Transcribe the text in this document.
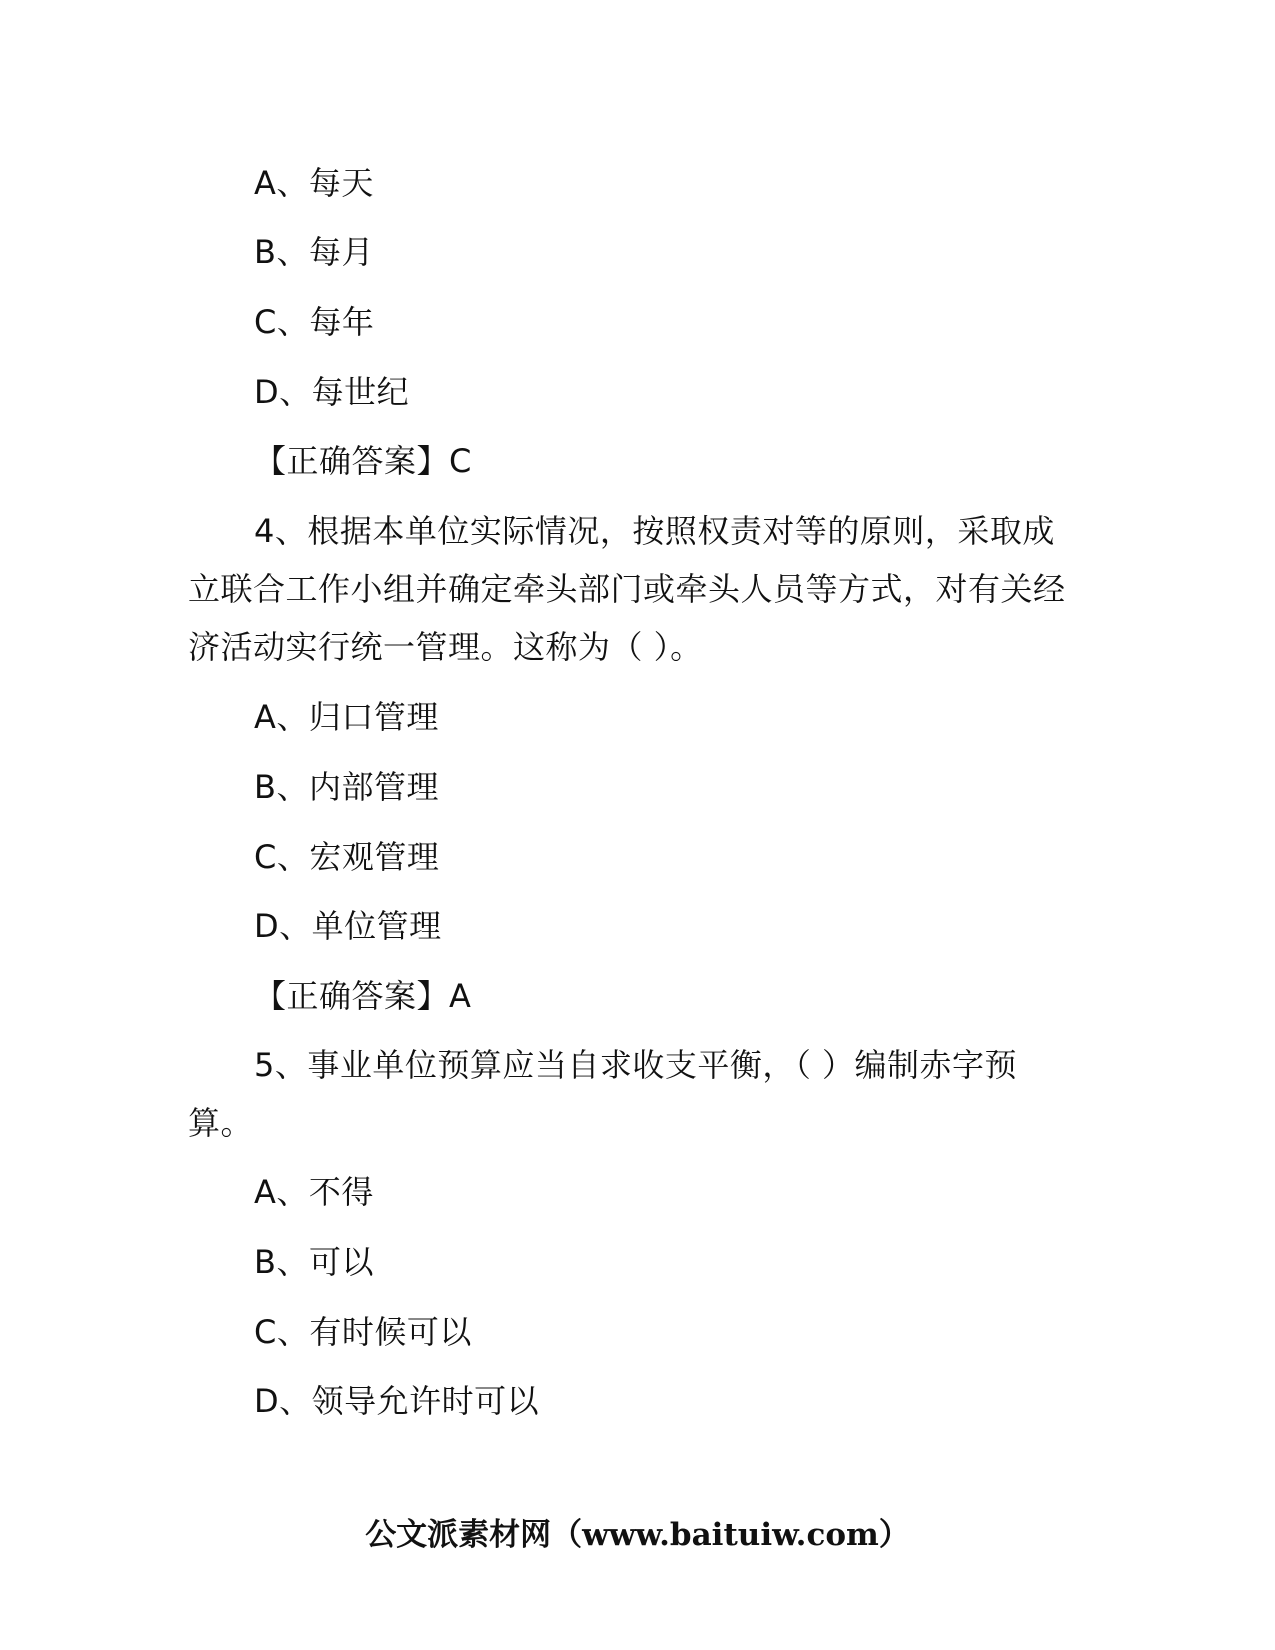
A、每天
B、每月
C、每年
D、每世纪
【正确答案】C
4、根据本单位实际情况，按照权责对等的原则，采取成
立联合工作小组并确定牵头部门或牵头人员等方式，对有关经
济活动实行统一管理。这称为（ ）。
A、归口管理
B、内部管理
C、宏观管理
D、单位管理
【正确答案】A
5、事业单位预算应当自求收支平衡，（ ）编制赤字预
算。
A、不得
B、可以
C、有时候可以
D、领导允许时可以
公文派素材网（www.baituiw.com）
